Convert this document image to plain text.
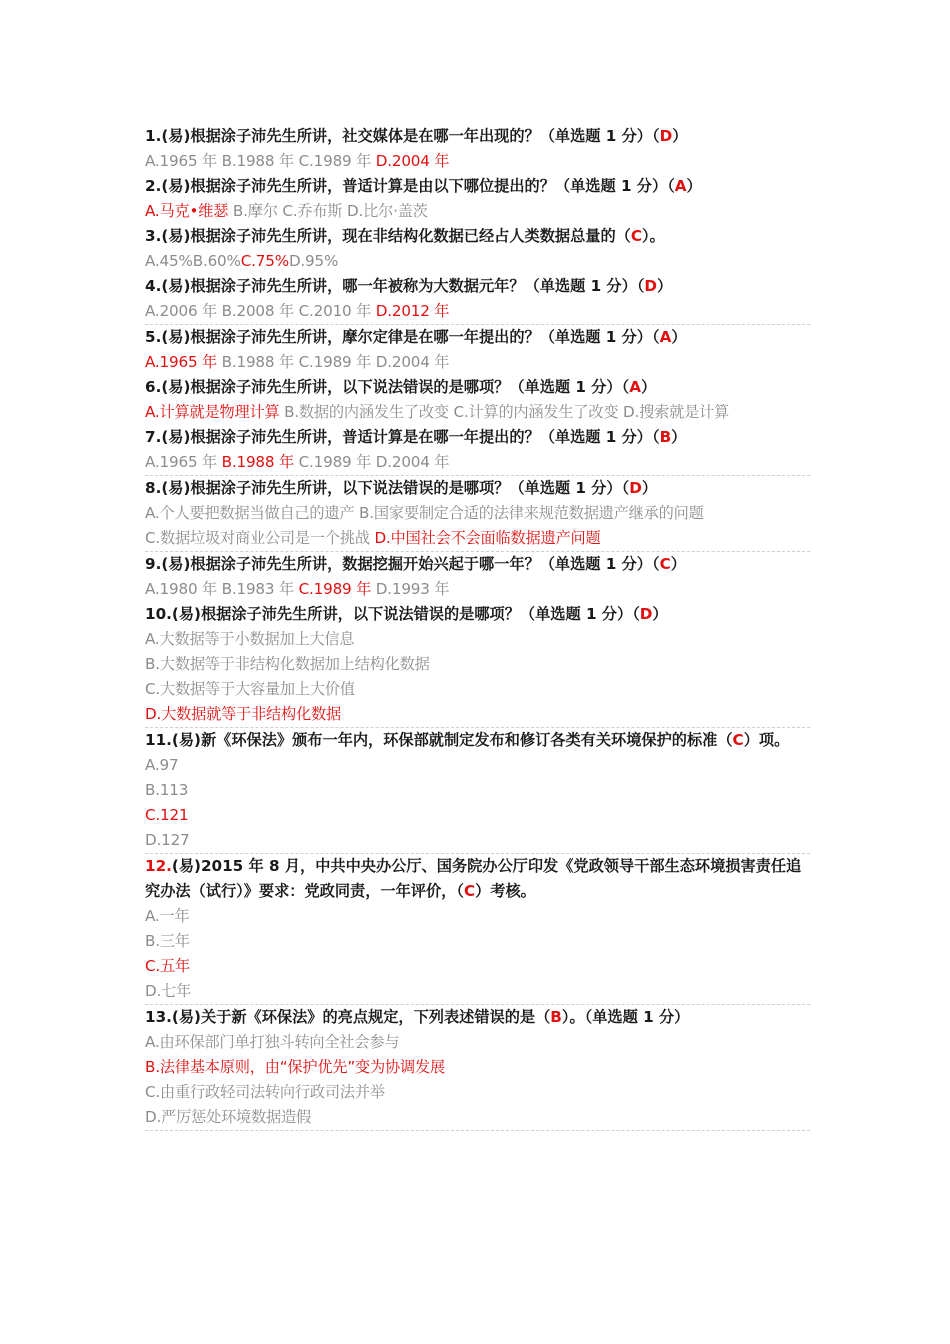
1.(易)根据涂子沛先生所讲，社交媒体是在哪一年出现的？（单选题 1 分）（D）
A.1965 年 B.1988 年 C.1989 年 D.2004 年
2.(易)根据涂子沛先生所讲，普适计算是由以下哪位提出的？（单选题 1 分）（A）
A.马克•维瑟 B.摩尔 C.乔布斯 D.比尔·盖茨
3.(易)根据涂子沛先生所讲，现在非结构化数据已经占人类数据总量的（C）。
A.45%B.60%C.75%D.95%
4.(易)根据涂子沛先生所讲，哪一年被称为大数据元年？（单选题 1 分）（D）
A.2006 年 B.2008 年 C.2010 年 D.2012 年
5.(易)根据涂子沛先生所讲，摩尔定律是在哪一年提出的？（单选题 1 分）（A）
A.1965 年 B.1988 年 C.1989 年 D.2004 年
6.(易)根据涂子沛先生所讲，以下说法错误的是哪项？（单选题 1 分）（A）
A.计算就是物理计算 B.数据的内涵发生了改变 C.计算的内涵发生了改变 D.搜索就是计算
7.(易)根据涂子沛先生所讲，普适计算是在哪一年提出的？（单选题 1 分）（B）
A.1965 年 B.1988 年 C.1989 年 D.2004 年
8.(易)根据涂子沛先生所讲，以下说法错误的是哪项？（单选题 1 分）（D）
A.个人要把数据当做自己的遗产 B.国家要制定合适的法律来规范数据遗产继承的问题
C.数据垃圾对商业公司是一个挑战 D.中国社会不会面临数据遗产问题
9.(易)根据涂子沛先生所讲，数据挖掘开始兴起于哪一年？（单选题 1 分）（C）
A.1980 年 B.1983 年 C.1989 年 D.1993 年
10.(易)根据涂子沛先生所讲，以下说法错误的是哪项？（单选题 1 分）（D）
A.大数据等于小数据加上大信息
B.大数据等于非结构化数据加上结构化数据
C.大数据等于大容量加上大价值
D.大数据就等于非结构化数据
11.(易)新《环保法》颁布一年内，环保部就制定发布和修订各类有关环境保护的标准（C）项。
A.97
B.113
C.121
D.127
12.(易)2015 年 8 月，中共中央办公厅、国务院办公厅印发《党政领导干部生态环境损害责任追究办法（试行）》要求：党政同责，一年评价，（C）考核。
A.一年
B.三年
C.五年
D.七年
13.(易)关于新《环保法》的亮点规定，下列表述错误的是（B）。（单选题 1 分）
A.由环保部门单打独斗转向全社会参与
B.法律基本原则，由“保护优先”变为协调发展
C.由重行政轻司法转向行政司法并举
D.严厉惩处环境数据造假
